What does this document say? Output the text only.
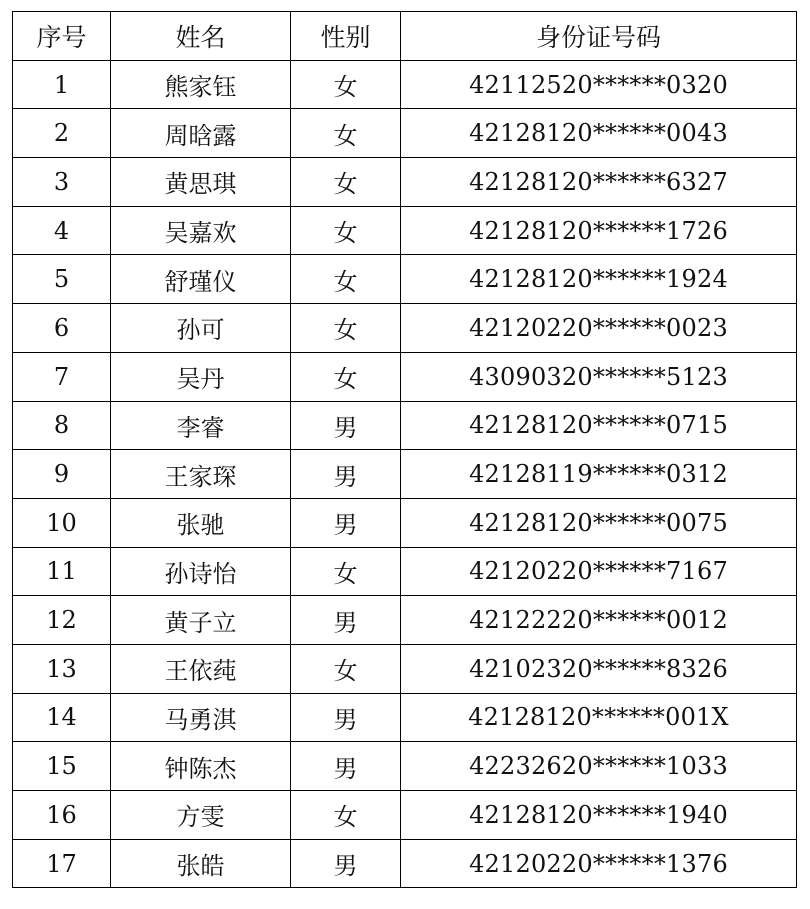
序号	姓名	性别	身份证号码
1	熊家钰	女	42112520******0320
2	周晗露	女	42128120******0043
3	黄思琪	女	42128120******6327
4	吴嘉欢	女	42128120******1726
5	舒瑾仪	女	42128120******1924
6	孙可	女	42120220******0023
7	吴丹	女	43090320******5123
8	李睿	男	42128120******0715
9	王家琛	男	42128119******0312
10	张驰	男	42128120******0075
11	孙诗怡	女	42120220******7167
12	黄子立	男	42122220******0012
13	王依莼	女	42102320******8326
14	马勇淇	男	42128120******001X
15	钟陈杰	男	42232620******1033
16	方雯	女	42128120******1940
17	张皓	男	42120220******1376
